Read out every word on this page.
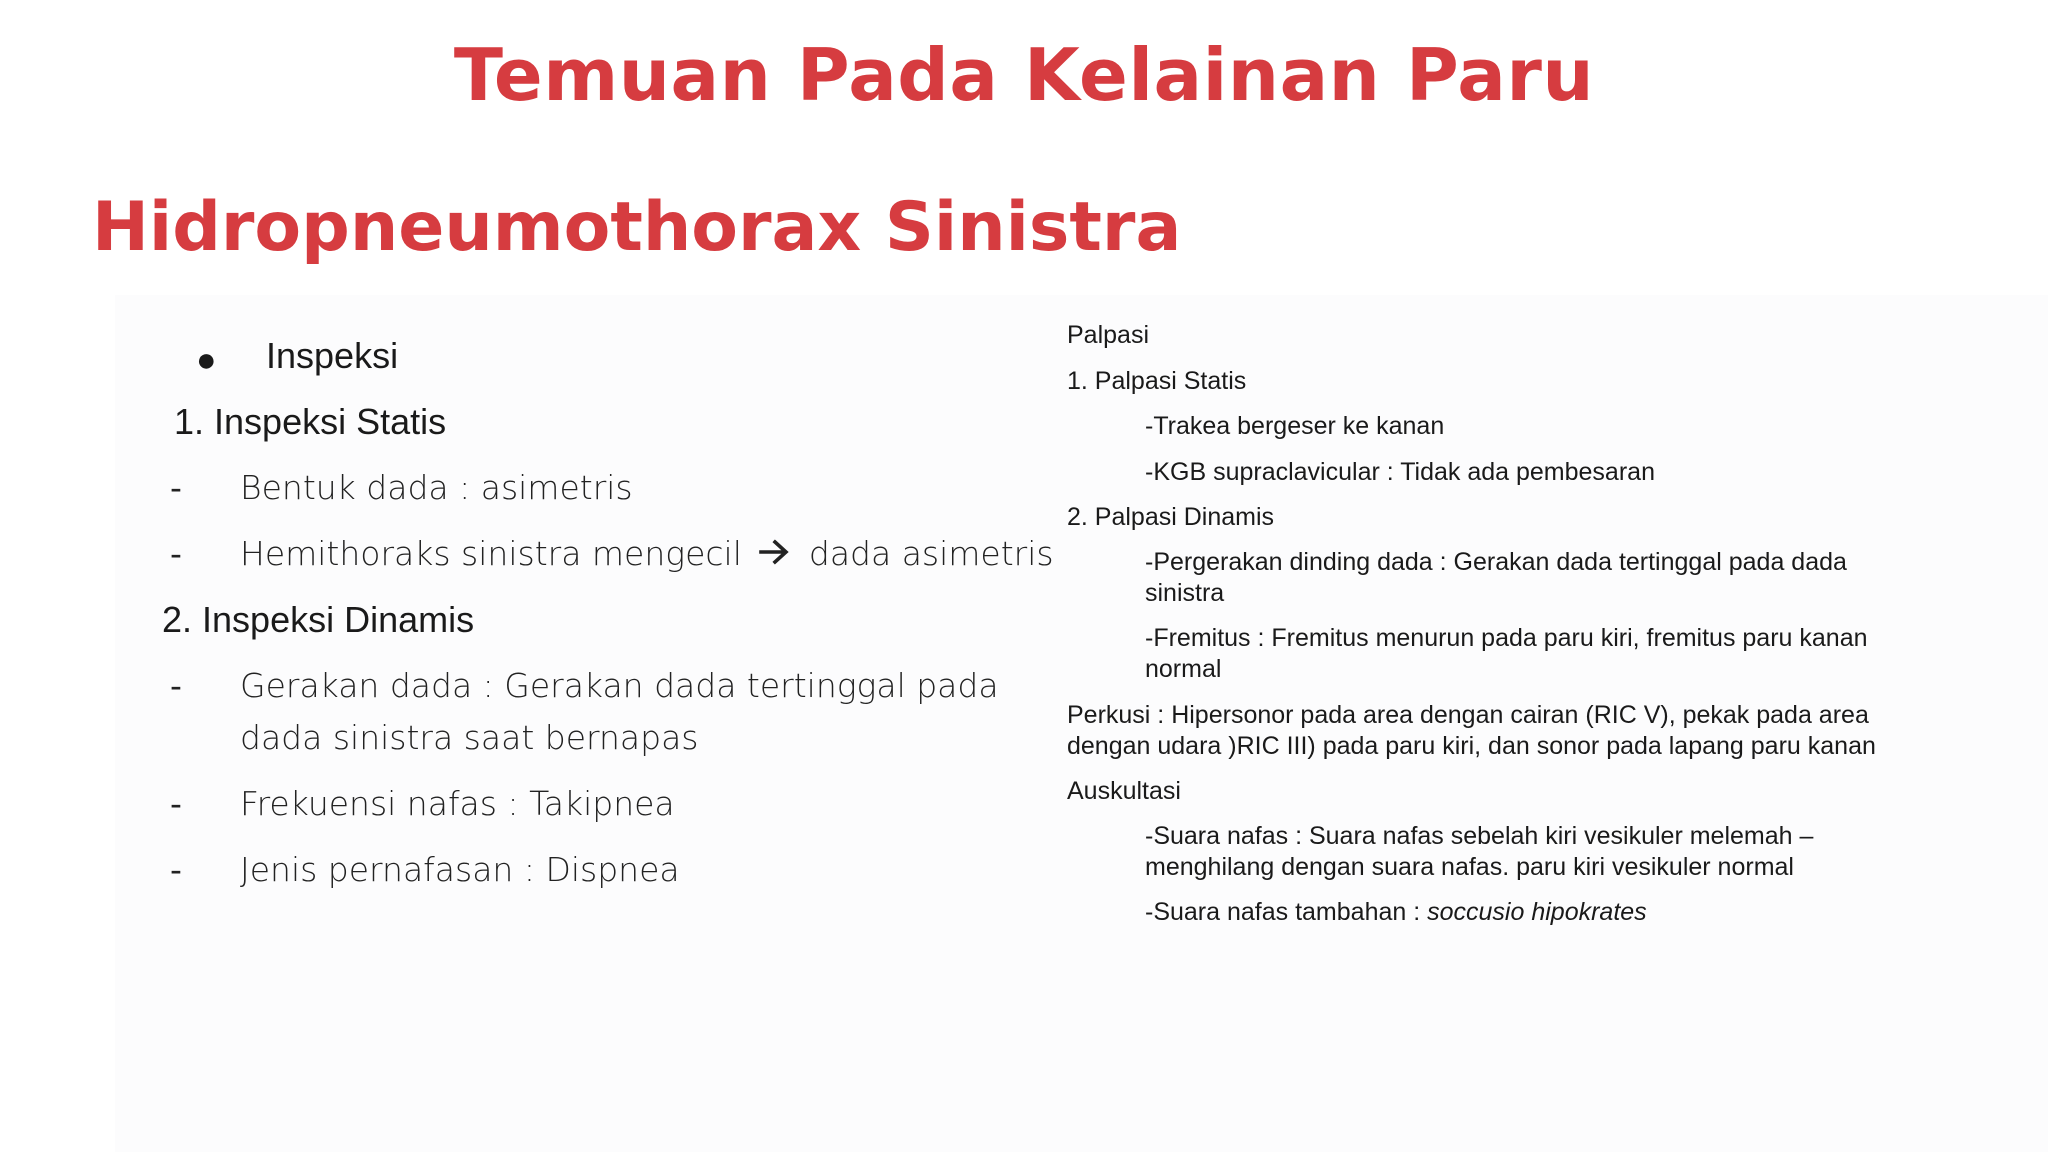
Temuan Pada Kelainan Paru
Hidropneumothorax Sinistra
● Inspeksi
1. Inspeksi Statis
- Bentuk dada : asimetris
- Hemithoraks sinistra mengecil dada asimetris
2. Inspeksi Dinamis
- Gerakan dada : Gerakan dada tertinggal pada
dada sinistra saat bernapas
- Frekuensi nafas : Takipnea
- Jenis pernafasan : Dispnea
Palpasi
1. Palpasi Statis
-Trakea bergeser ke kanan
-KGB supraclavicular : Tidak ada pembesaran
2. Palpasi Dinamis
-Pergerakan dinding dada : Gerakan dada tertinggal pada dada
sinistra
-Fremitus : Fremitus menurun pada paru kiri, fremitus paru kanan
normal
Perkusi : Hipersonor pada area dengan cairan (RIC V), pekak pada area
dengan udara )RIC III) pada paru kiri, dan sonor pada lapang paru kanan
Auskultasi
-Suara nafas : Suara nafas sebelah kiri vesikuler melemah –
menghilang dengan suara nafas. paru kiri vesikuler normal
-Suara nafas tambahan : soccusio hipokrates
